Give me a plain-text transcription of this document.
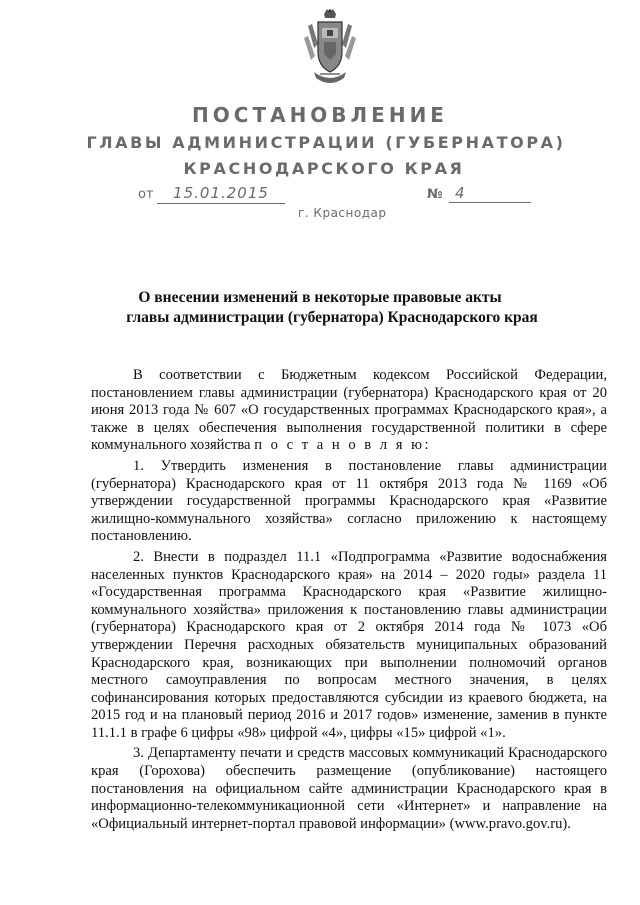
ПОСТАНОВЛЕНИЕ
ГЛАВЫ АДМИНИСТРАЦИИ (ГУБЕРНАТОРА)
КРАСНОДАРСКОГО КРАЯ
от	15.01.2015	№ 4
г. Краснодар
О внесении изменений в некоторые правовые акты
главы администрации (губернатора) Краснодарского края

В соответствии с Бюджетным кодексом Российской Федерации, постановлением главы администрации (губернатора) Краснодарского края от 20 июня 2013 года № 607 «О государственных программах Краснодарского края», а также в целях обеспечения выполнения государственной политики в сфере коммунального хозяйства п о с т а н о в л я ю:

1. Утвердить изменения в постановление главы администрации (губернатора) Краснодарского края от 11 октября 2013 года № 1169 «Об утверждении государственной программы Краснодарского края «Развитие жилищно-коммунального хозяйства» согласно приложению к настоящему постановлению.

2. Внести в подраздел 11.1 «Подпрограмма «Развитие водоснабжения населенных пунктов Краснодарского края» на 2014 – 2020 годы» раздела 11 «Государственная программа Краснодарского края «Развитие жилищно-коммунального хозяйства» приложения к постановлению главы администрации (губернатора) Краснодарского края от 2 октября 2014 года № 1073 «Об утверждении Перечня расходных обязательств муниципальных образований Краснодарского края, возникающих при выполнении полномочий органов местного самоуправления по вопросам местного значения, в целях софинансирования которых предоставляются субсидии из краевого бюджета, на 2015 год и на плановый период 2016 и 2017 годов» изменение, заменив в пункте 11.1.1 в графе 6 цифры «98» цифрой «4», цифры «15» цифрой «1».

3. Департаменту печати и средств массовых коммуникаций Краснодарского края (Горохова) обеспечить размещение (опубликование) настоящего постановления на официальном сайте администрации Краснодарского края в информационно-телекоммуникационной сети «Интернет» и направление на «Официальный интернет-портал правовой информации» (www.pravo.gov.ru).
